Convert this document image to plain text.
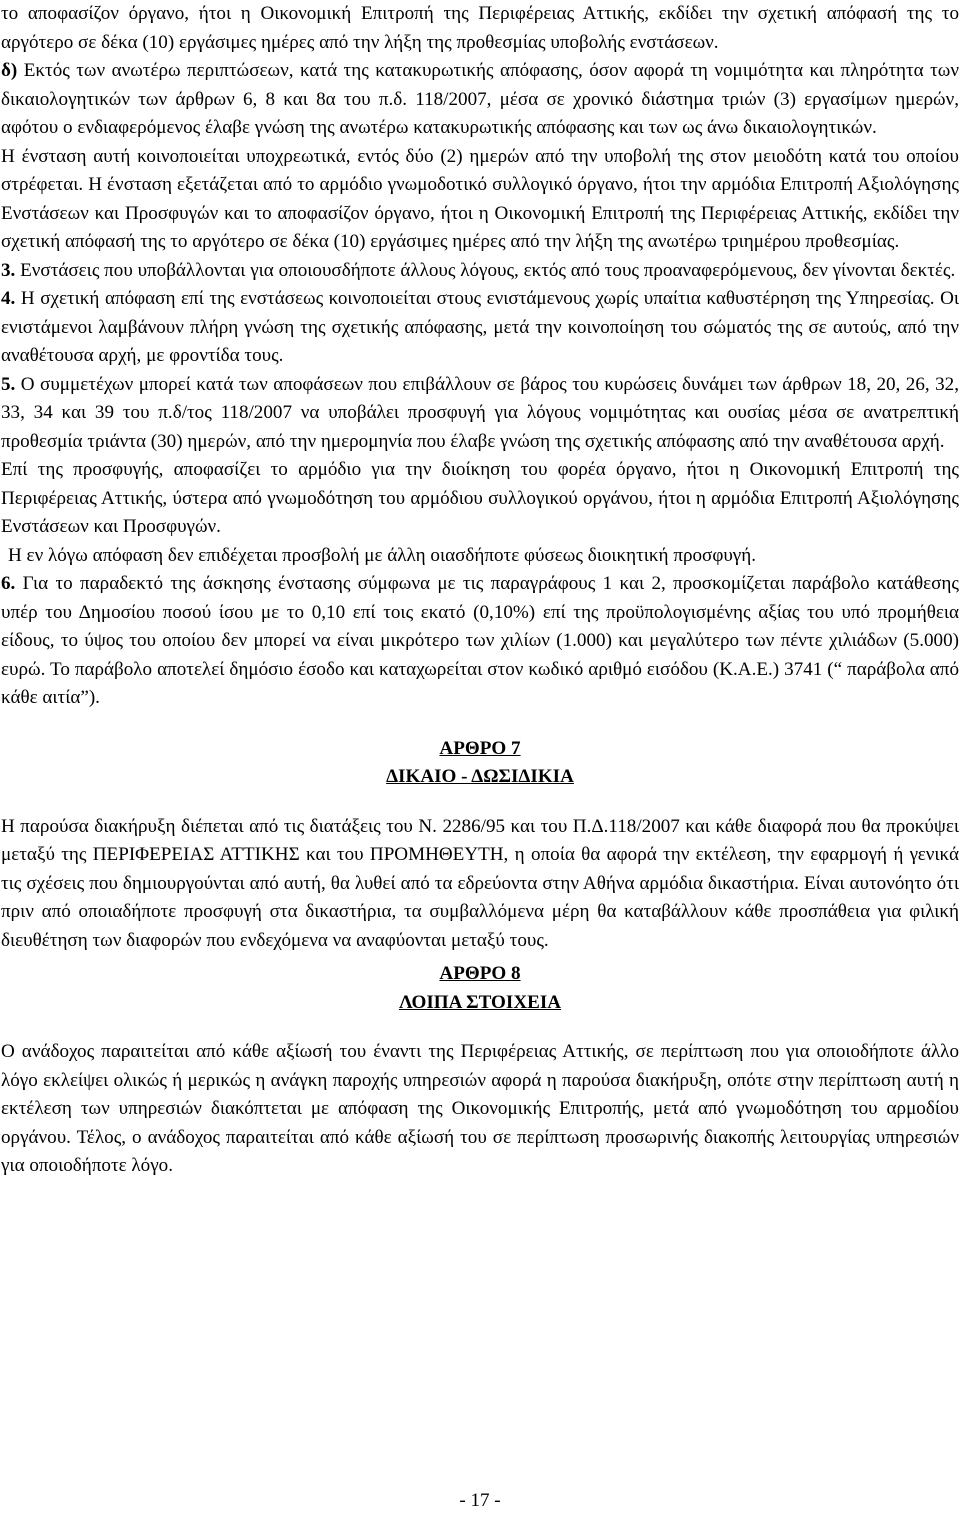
το αποφασίζον όργανο, ήτοι η Οικονομική Επιτροπή της Περιφέρειας Αττικής, εκδίδει την σχετική απόφασή της το αργότερο σε δέκα (10) εργάσιμες ημέρες από την λήξη της προθεσμίας υποβολής ενστάσεων.

δ) Εκτός των ανωτέρω περιπτώσεων, κατά της κατακυρωτικής απόφασης, όσον αφορά τη νομιμότητα και πληρότητα των δικαιολογητικών των άρθρων 6, 8 και 8α του π.δ. 118/2007, μέσα σε χρονικό διάστημα τριών (3) εργασίμων ημερών, αφότου ο ενδιαφερόμενος έλαβε γνώση της ανωτέρω κατακυρωτικής απόφασης και των ως άνω δικαιολογητικών.

Η ένσταση αυτή κοινοποιείται υποχρεωτικά, εντός δύο (2) ημερών από την υποβολή της στον μειοδότη κατά του οποίου στρέφεται. Η ένσταση εξετάζεται από το αρμόδιο γνωμοδοτικό συλλογικό όργανο, ήτοι την αρμόδια Επιτροπή Αξιολόγησης Ενστάσεων και Προσφυγών και το αποφασίζον όργανο, ήτοι η Οικονομική Επιτροπή της Περιφέρειας Αττικής, εκδίδει την σχετική απόφασή της το αργότερο σε δέκα (10) εργάσιμες ημέρες από την λήξη της ανωτέρω τριημέρου προθεσμίας.

3. Ενστάσεις που υποβάλλονται για οποιουσδήποτε άλλους λόγους, εκτός από τους προαναφερόμενους, δεν γίνονται δεκτές.

4. Η σχετική απόφαση επί της ενστάσεως κοινοποιείται στους ενιστάμενους χωρίς υπαίτια καθυστέρηση της Υπηρεσίας. Οι ενιστάμενοι λαμβάνουν πλήρη γνώση της σχετικής απόφασης, μετά την κοινοποίηση του σώματός της σε αυτούς, από την αναθέτουσα αρχή, με φροντίδα τους.

5. Ο συμμετέχων μπορεί κατά των αποφάσεων που επιβάλλουν σε βάρος του κυρώσεις δυνάμει των άρθρων 18, 20, 26, 32, 33, 34 και 39 του π.δ/τος 118/2007 να υποβάλει προσφυγή για λόγους νομιμότητας και ουσίας μέσα σε ανατρεπτική προθεσμία τριάντα (30) ημερών, από την ημερομηνία που έλαβε γνώση της σχετικής απόφασης από την αναθέτουσα αρχή.

Επί της προσφυγής, αποφασίζει το αρμόδιο για την διοίκηση του φορέα όργανο, ήτοι η Οικονομική Επιτροπή της Περιφέρειας Αττικής, ύστερα από γνωμοδότηση του αρμόδιου συλλογικού οργάνου, ήτοι η αρμόδια Επιτροπή Αξιολόγησης Ενστάσεων και Προσφυγών.

Η εν λόγω απόφαση δεν επιδέχεται προσβολή με άλλη οιασδήποτε φύσεως διοικητική προσφυγή.

6. Για το παραδεκτό της άσκησης ένστασης σύμφωνα με τις παραγράφους 1 και 2, προσκομίζεται παράβολο κατάθεσης υπέρ του Δημοσίου ποσού ίσου με το 0,10 επί τοις εκατό (0,10%) επί της προϋπολογισμένης αξίας του υπό προμήθεια είδους, το ύψος του οποίου δεν μπορεί να είναι μικρότερο των χιλίων (1.000) και μεγαλύτερο των πέντε χιλιάδων (5.000) ευρώ. Το παράβολο αποτελεί δημόσιο έσοδο και καταχωρείται στον κωδικό αριθμό εισόδου (Κ.Α.Ε.) 3741 (“ παράβολα από κάθε αιτία”).

ΑΡΘΡΟ 7

ΔΙΚΑΙΟ - ΔΩΣΙΔΙΚΙΑ

Η παρούσα διακήρυξη διέπεται από τις διατάξεις του Ν. 2286/95 και του Π.Δ.118/2007 και κάθε διαφορά που θα προκύψει μεταξύ της ΠΕΡΙΦΕΡΕΙΑΣ ΑΤΤΙΚΗΣ και του ΠΡΟΜΗΘΕΥΤΗ, η οποία θα αφορά την εκτέλεση, την εφαρμογή ή γενικά τις σχέσεις που δημιουργούνται από αυτή, θα λυθεί από τα εδρεύοντα στην Αθήνα αρμόδια δικαστήρια. Είναι αυτονόητο ότι πριν από οποιαδήποτε προσφυγή στα δικαστήρια, τα συμβαλλόμενα μέρη θα καταβάλλουν κάθε προσπάθεια για φιλική διευθέτηση των διαφορών που ενδεχόμενα να αναφύονται μεταξύ τους.

ΑΡΘΡΟ 8

ΛΟΙΠΑ ΣΤΟΙΧΕΙΑ

Ο ανάδοχος παραιτείται από κάθε αξίωσή του έναντι της Περιφέρειας Αττικής, σε περίπτωση που για οποιοδήποτε άλλο λόγο εκλείψει ολικώς ή μερικώς η ανάγκη παροχής υπηρεσιών αφορά η παρούσα διακήρυξη, οπότε στην περίπτωση αυτή η εκτέλεση των υπηρεσιών διακόπτεται με απόφαση της Οικονομικής Επιτροπής, μετά από γνωμοδότηση του αρμοδίου οργάνου. Τέλος, ο ανάδοχος παραιτείται από κάθε αξίωσή του σε περίπτωση προσωρινής διακοπής λειτουργίας υπηρεσιών για οποιοδήποτε λόγο.

- 17 -
